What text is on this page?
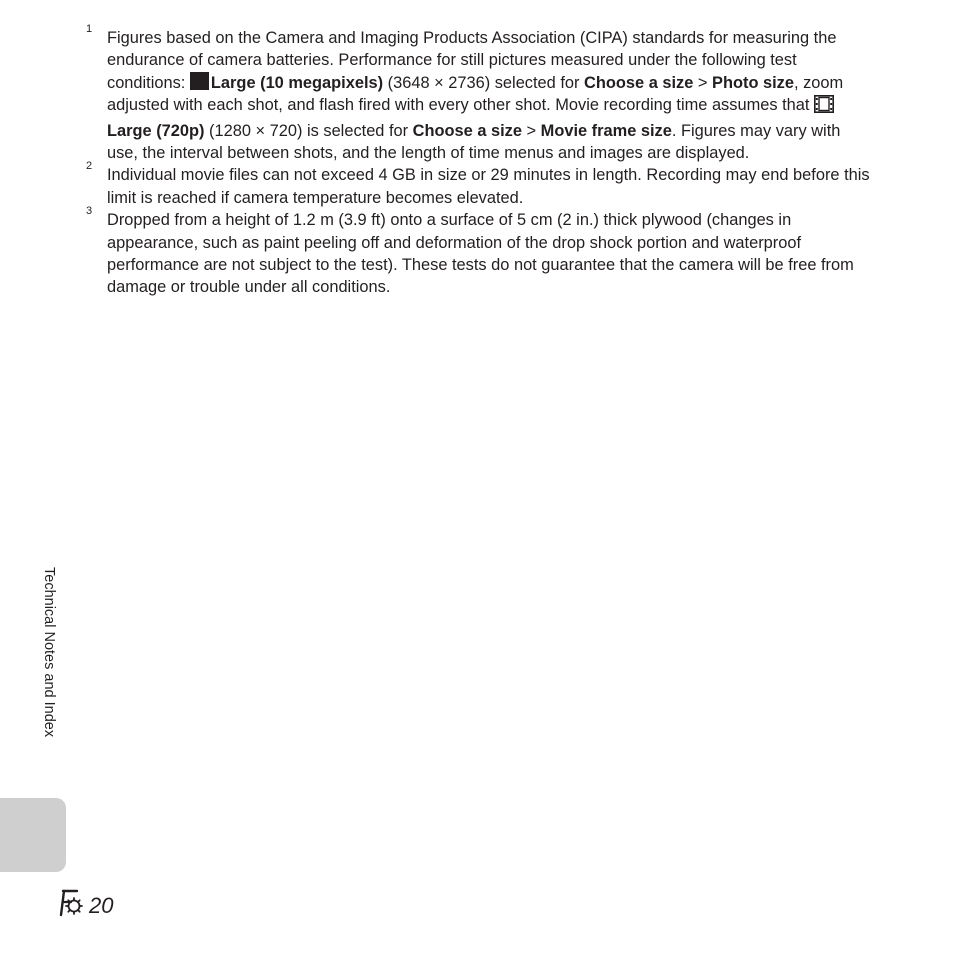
1 Figures based on the Camera and Imaging Products Association (CIPA) standards for measuring the endurance of camera batteries. Performance for still pictures measured under the following test conditions: Large (10 megapixels) (3648 × 2736) selected for Choose a size > Photo size, zoom adjusted with each shot, and flash fired with every other shot. Movie recording time assumes that Large (720p) (1280 × 720) is selected for Choose a size > Movie frame size. Figures may vary with use, the interval between shots, and the length of time menus and images are displayed.
2 Individual movie files can not exceed 4 GB in size or 29 minutes in length. Recording may end before this limit is reached if camera temperature becomes elevated.
3 Dropped from a height of 1.2 m (3.9 ft) onto a surface of 5 cm (2 in.) thick plywood (changes in appearance, such as paint peeling off and deformation of the drop shock portion and waterproof performance are not subject to the test). These tests do not guarantee that the camera will be free from damage or trouble under all conditions.
Technical Notes and Index
20
